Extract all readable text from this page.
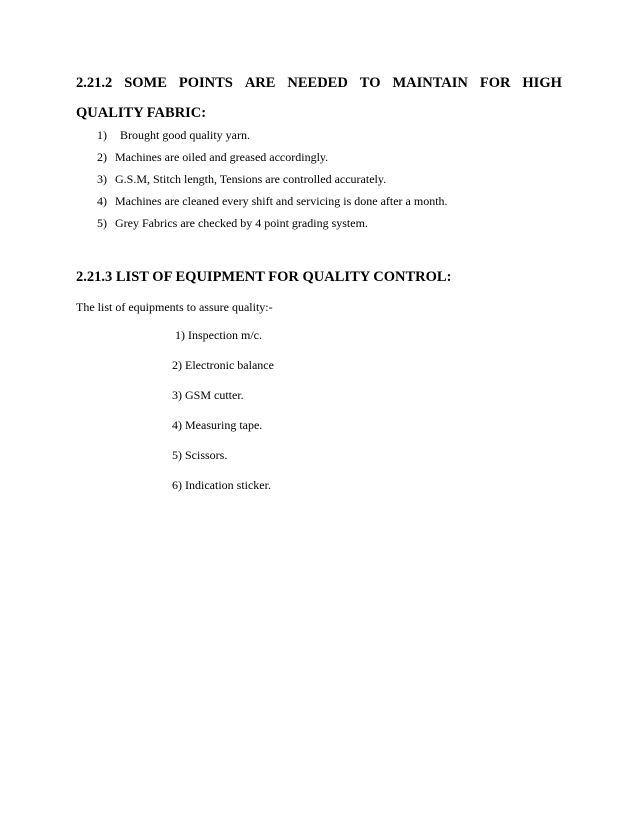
2.21.2 SOME POINTS ARE NEEDED TO MAINTAIN FOR HIGH
QUALITY FABRIC:
1)	Brought good quality yarn.
2) Machines are oiled and greased accordingly.
3) G.S.M, Stitch length, Tensions are controlled accurately.
4) Machines are cleaned every shift and servicing is done after a month.
5) Grey Fabrics are checked by 4 point grading system.
2.21.3 LIST OF EQUIPMENT FOR QUALITY CONTROL:

The list of equipments to assure quality:-

1) Inspection m/c.
2) Electronic balance
3) GSM cutter.
4) Measuring tape.
5) Scissors.
6) Indication sticker.
